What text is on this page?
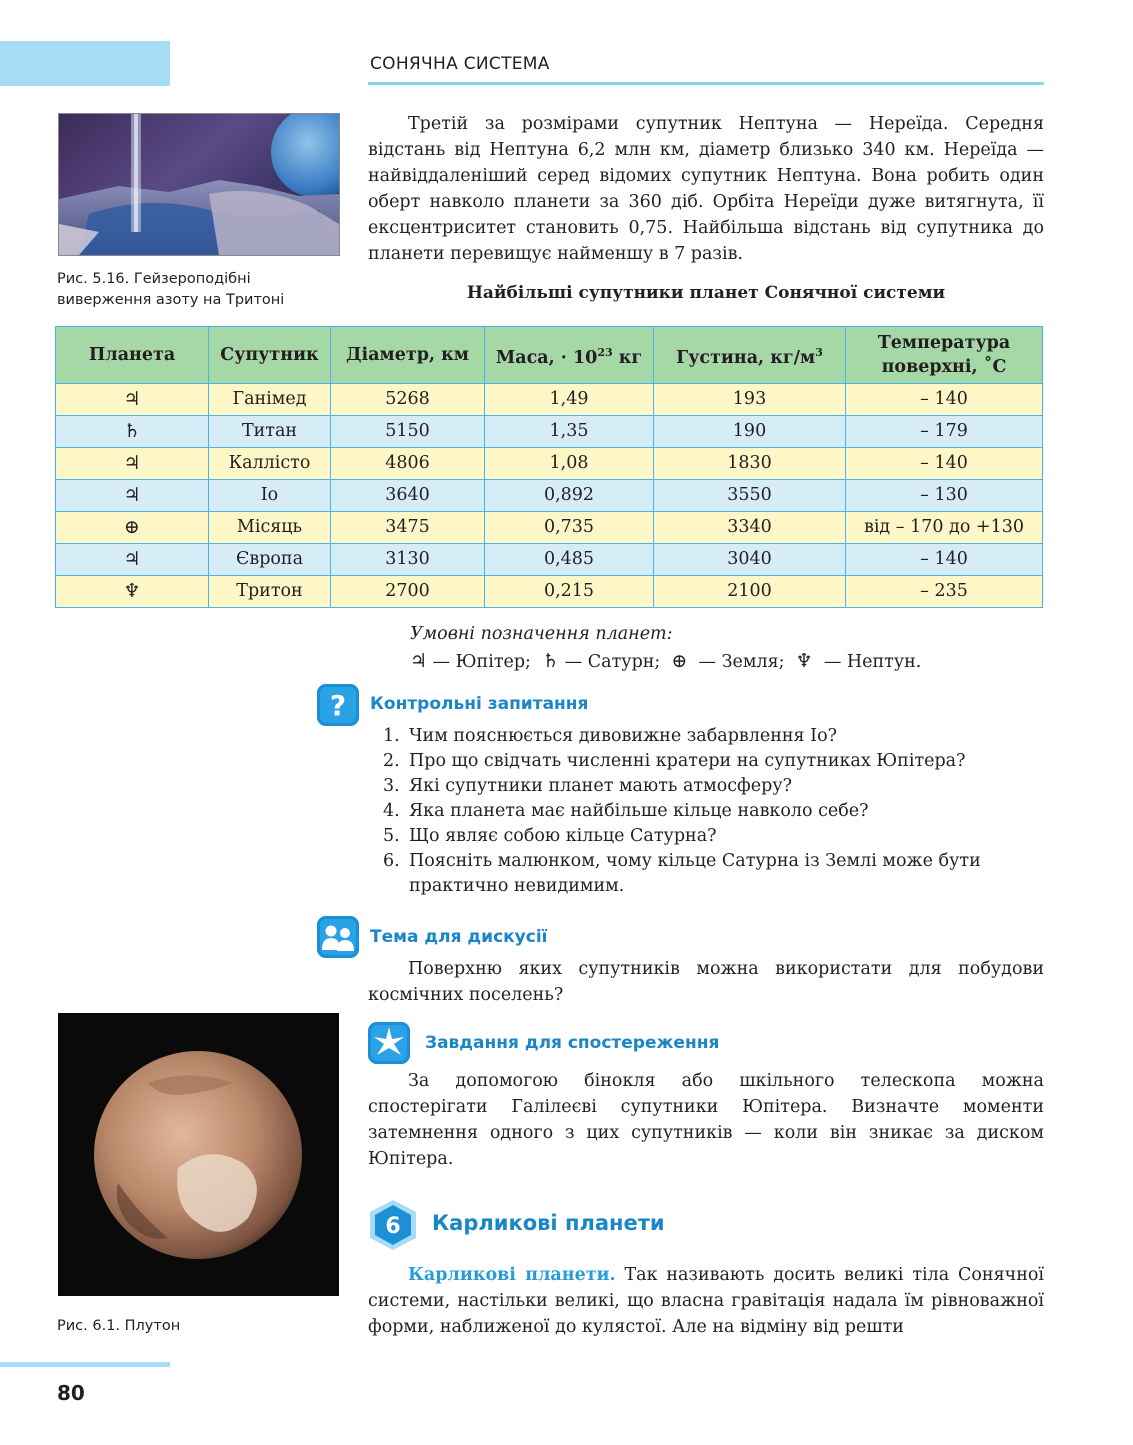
СОНЯЧНА СИСТЕМА
Рис. 5.16. Гейзероподібні
виверження азоту на Тритоні

Третій за розмірами супутник Нептуна — Нереїда. Середня відстань від Нептуна 6,2 млн км, діаметр близько 340 км. Нереїда — найвіддаленіший серед відомих супутник Нептуна. Вона робить один оберт навколо планети за 360 діб. Орбіта Нереїди дуже витягнута, її ексцентриситет становить 0,75. Найбільша відстань від супутника до планети перевищує найменшу в 7 разів.

Найбільші супутники планет Сонячної системи
Планета	Супутник	Діаметр, км	Маса, · $10^{23}$ кг	Густина, $кг/м^3$	Температура
поверхні, ˚С
♃	Ганімед	5268	1,49	193	– 140
♄	Титан	5150	1,35	190	– 179
♃	Каллісто	4806	1,08	1830	– 140
♃	Іо	3640	0,892	3550	– 130
⊕	Місяць	3475	0,735	3340	від – 170 до +130
♃	Європа	3130	0,485	3040	– 140
♆	Тритон	2700	0,215	2100	– 235
Умовні позначення планет:
♃ — Юпітер;  ♄ — Сатурн;  ⊕  — Земля;  ♆  — Нептун.
? Контрольні запитання
1. Чим пояснюється дивовижне забарвлення Іо?
2. Про що свідчать численні кратери на супутниках Юпітера?
3. Які супутники планет мають атмосферу?
4. Яка планета має найбільше кільце навколо себе?
5. Що являє собою кільце Сатурна?
6. Поясніть малюнком, чому кільце Сатурна із Землі може бути практично невидимим.
Тема для дискусії

Поверхню яких супутників можна використати для побудови космічних поселень?

Рис. 6.1. Плутон
Завдання для спостереження

За допомогою бінокля або шкільного телескопа можна спостерігати Галілеєві супутники Юпітера. Визначте моменти затемнення одного з цих супутників — коли він зникає за диском Юпітера.

6 Карликові планети

Карликові планети. Так називають досить великі тіла Сонячної системи, настільки великі, що власна гравітація надала їм рівноважної форми, наближеної до кулястої. Але на відміну від решти

80
